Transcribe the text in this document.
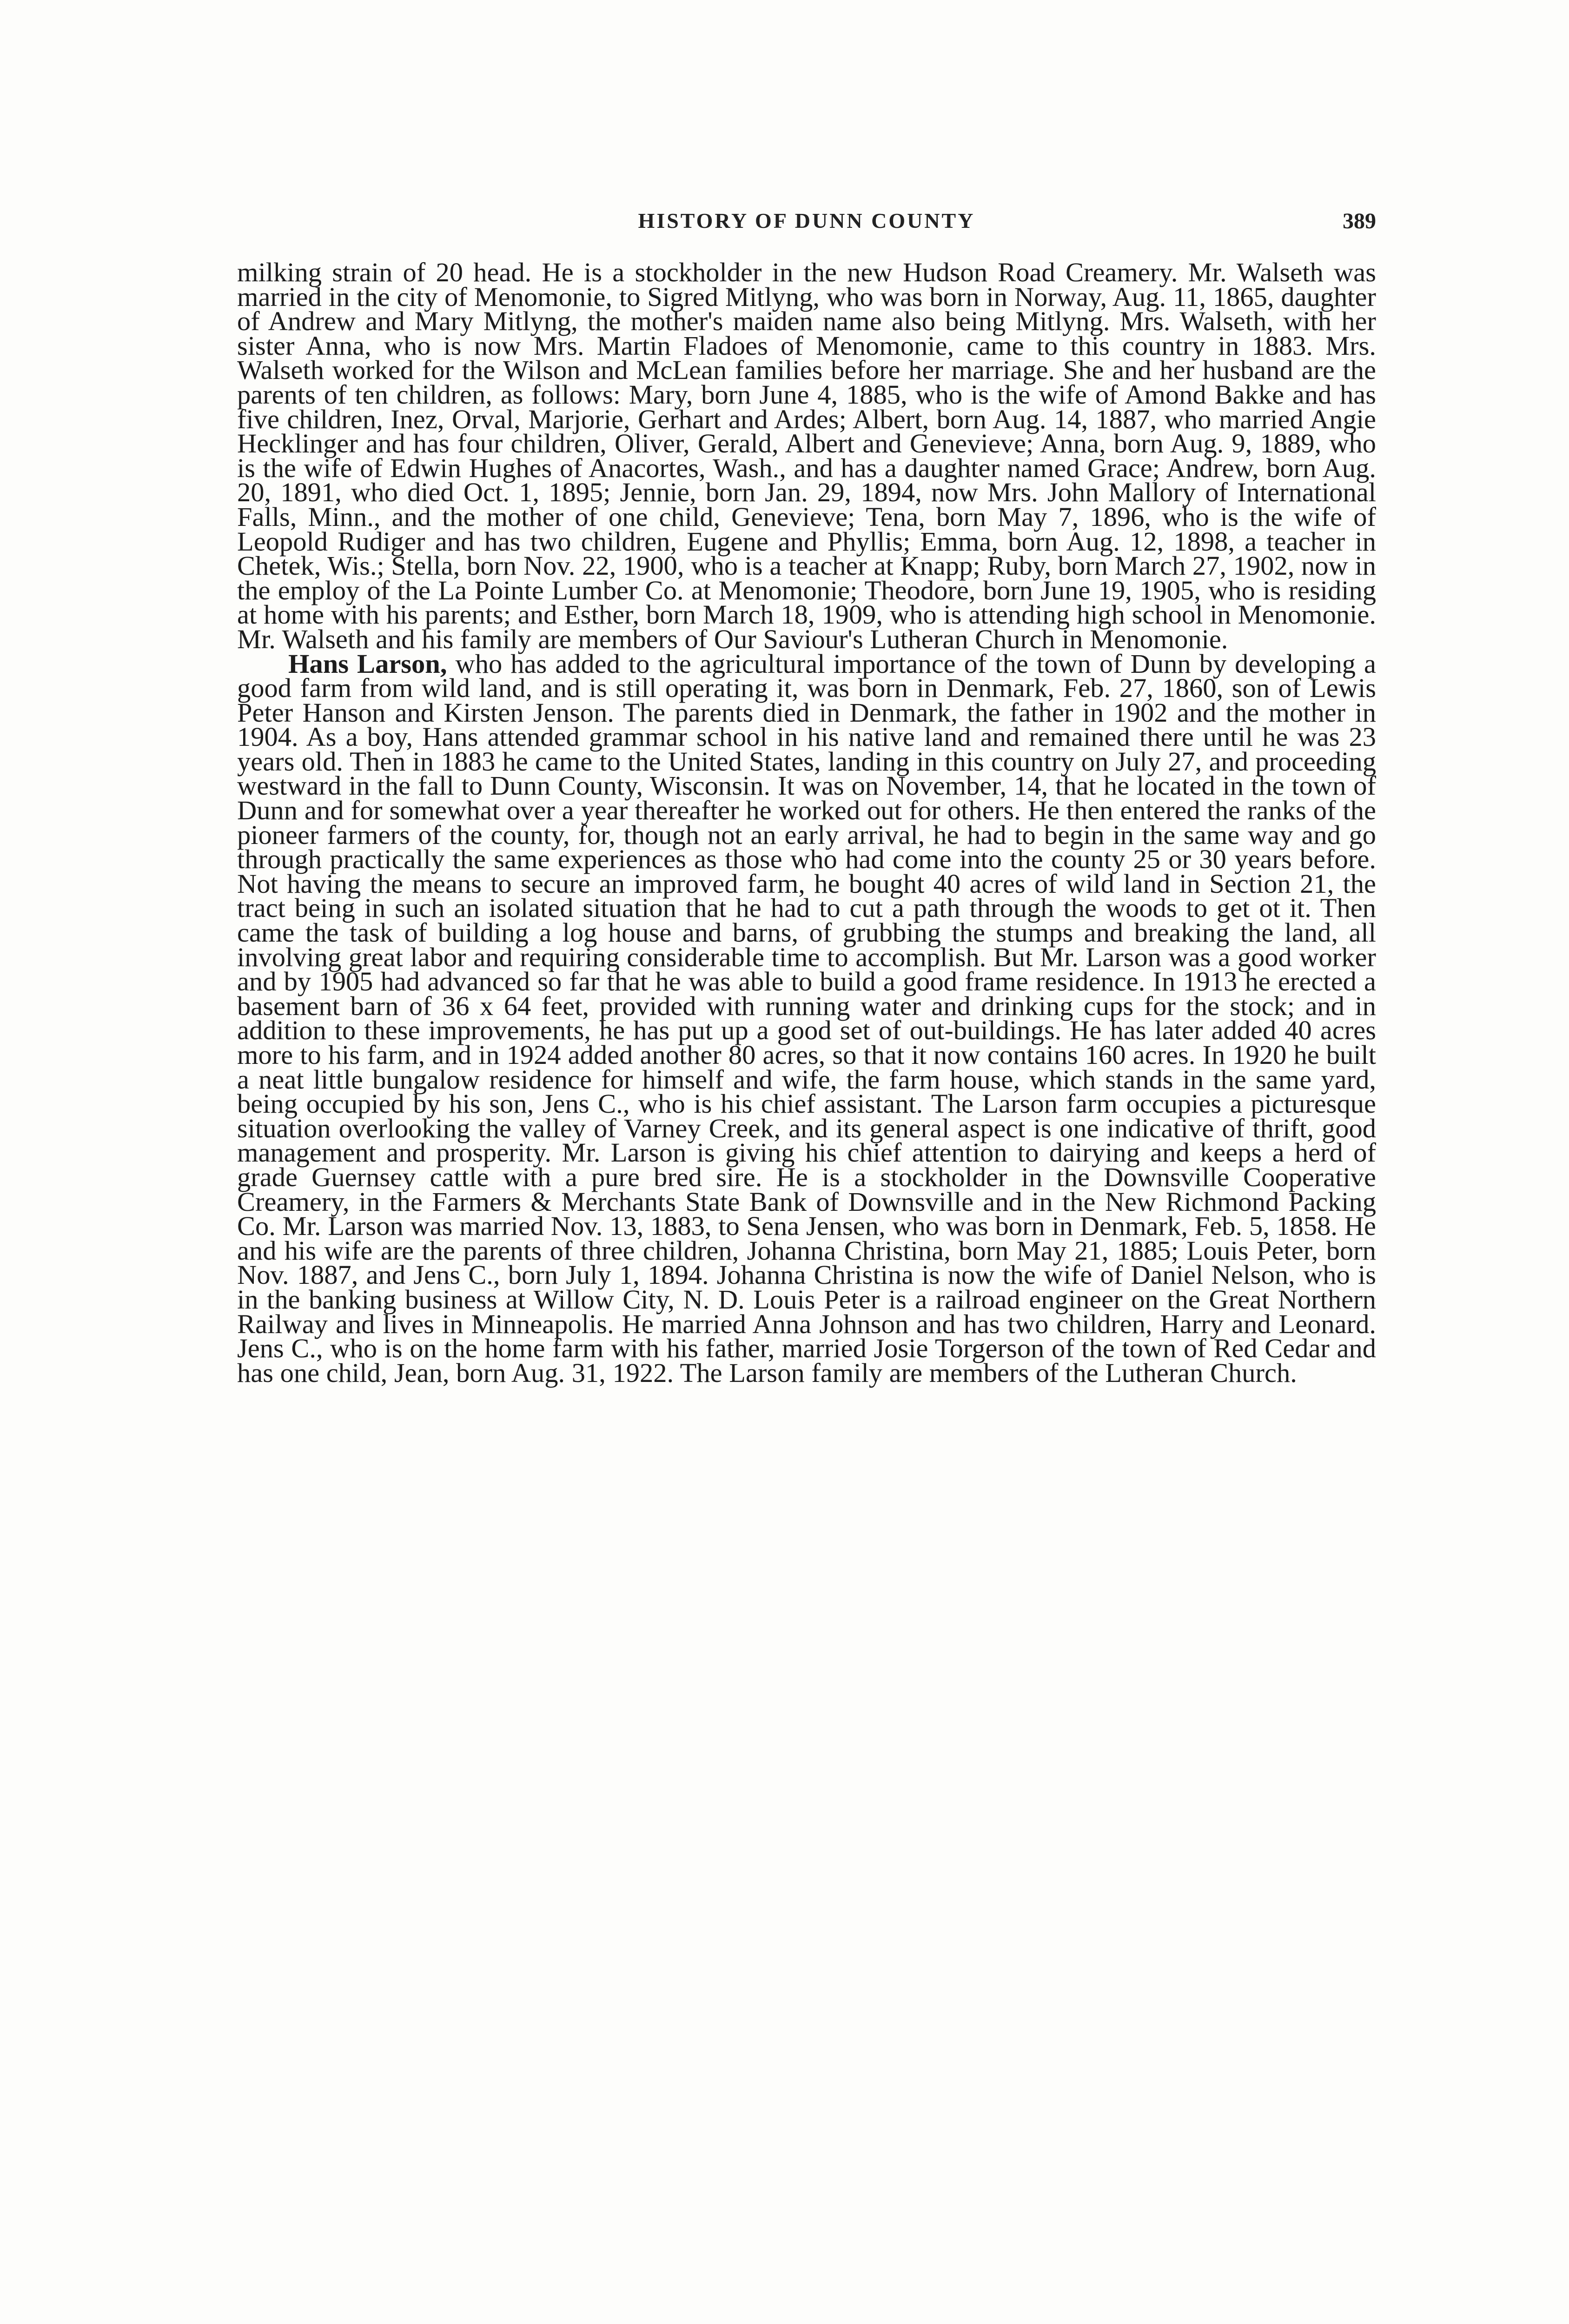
HISTORY OF DUNN COUNTY	389

milking strain of 20 head. He is a stockholder in the new Hudson Road Creamery. Mr. Walseth was married in the city of Menomonie, to Sigred Mitlyng, who was born in Norway, Aug. 11, 1865, daughter of Andrew and Mary Mitlyng, the mother's maiden name also being Mitlyng. Mrs. Walseth, with her sister Anna, who is now Mrs. Martin Fladoes of Menomonie, came to this country in 1883. Mrs. Walseth worked for the Wilson and McLean families before her marriage. She and her husband are the parents of ten children, as follows: Mary, born June 4, 1885, who is the wife of Amond Bakke and has five children, Inez, Orval, Marjorie, Gerhart and Ardes; Albert, born Aug. 14, 1887, who married Angie Hecklinger and has four children, Oliver, Gerald, Albert and Genevieve; Anna, born Aug. 9, 1889, who is the wife of Edwin Hughes of Anacortes, Wash., and has a daughter named Grace; Andrew, born Aug. 20, 1891, who died Oct. 1, 1895; Jennie, born Jan. 29, 1894, now Mrs. John Mallory of International Falls, Minn., and the mother of one child, Genevieve; Tena, born May 7, 1896, who is the wife of Leopold Rudiger and has two children, Eugene and Phyllis; Emma, born Aug. 12, 1898, a teacher in Chetek, Wis.; Stella, born Nov. 22, 1900, who is a teacher at Knapp; Ruby, born March 27, 1902, now in the employ of the La Pointe Lumber Co. at Menomonie; Theodore, born June 19, 1905, who is residing at home with his parents; and Esther, born March 18, 1909, who is attending high school in Menomonie. Mr. Walseth and his family are members of Our Saviour's Lutheran Church in Menomonie.

Hans Larson, who has added to the agricultural importance of the town of Dunn by developing a good farm from wild land, and is still operating it, was born in Denmark, Feb. 27, 1860, son of Lewis Peter Hanson and Kirsten Jenson. The parents died in Denmark, the father in 1902 and the mother in 1904. As a boy, Hans attended grammar school in his native land and remained there until he was 23 years old. Then in 1883 he came to the United States, landing in this country on July 27, and proceeding westward in the fall to Dunn County, Wisconsin. It was on November, 14, that he located in the town of Dunn and for somewhat over a year thereafter he worked out for others. He then entered the ranks of the pioneer farmers of the county, for, though not an early arrival, he had to begin in the same way and go through practically the same experiences as those who had come into the county 25 or 30 years before. Not having the means to secure an improved farm, he bought 40 acres of wild land in Section 21, the tract being in such an isolated situation that he had to cut a path through the woods to get ot it. Then came the task of building a log house and barns, of grubbing the stumps and breaking the land, all involving great labor and requiring considerable time to accomplish. But Mr. Larson was a good worker and by 1905 had advanced so far that he was able to build a good frame residence. In 1913 he erected a basement barn of 36 x 64 feet, provided with running water and drinking cups for the stock; and in addition to these improvements, he has put up a good set of out-buildings. He has later added 40 acres more to his farm, and in 1924 added another 80 acres, so that it now contains 160 acres. In 1920 he built a neat little bungalow residence for himself and wife, the farm house, which stands in the same yard, being occupied by his son, Jens C., who is his chief assistant. The Larson farm occupies a picturesque situation overlooking the valley of Varney Creek, and its general aspect is one indicative of thrift, good management and prosperity. Mr. Larson is giving his chief attention to dairying and keeps a herd of grade Guernsey cattle with a pure bred sire. He is a stockholder in the Downsville Cooperative Creamery, in the Farmers & Merchants State Bank of Downsville and in the New Richmond Packing Co. Mr. Larson was married Nov. 13, 1883, to Sena Jensen, who was born in Denmark, Feb. 5, 1858. He and his wife are the parents of three children, Johanna Christina, born May 21, 1885; Louis Peter, born Nov. 1887, and Jens C., born July 1, 1894. Johanna Christina is now the wife of Daniel Nelson, who is in the banking business at Willow City, N. D. Louis Peter is a railroad engineer on the Great Northern Railway and lives in Minneapolis. He married Anna Johnson and has two children, Harry and Leonard. Jens C., who is on the home farm with his father, married Josie Torgerson of the town of Red Cedar and has one child, Jean, born Aug. 31, 1922. The Larson family are members of the Lutheran Church.
